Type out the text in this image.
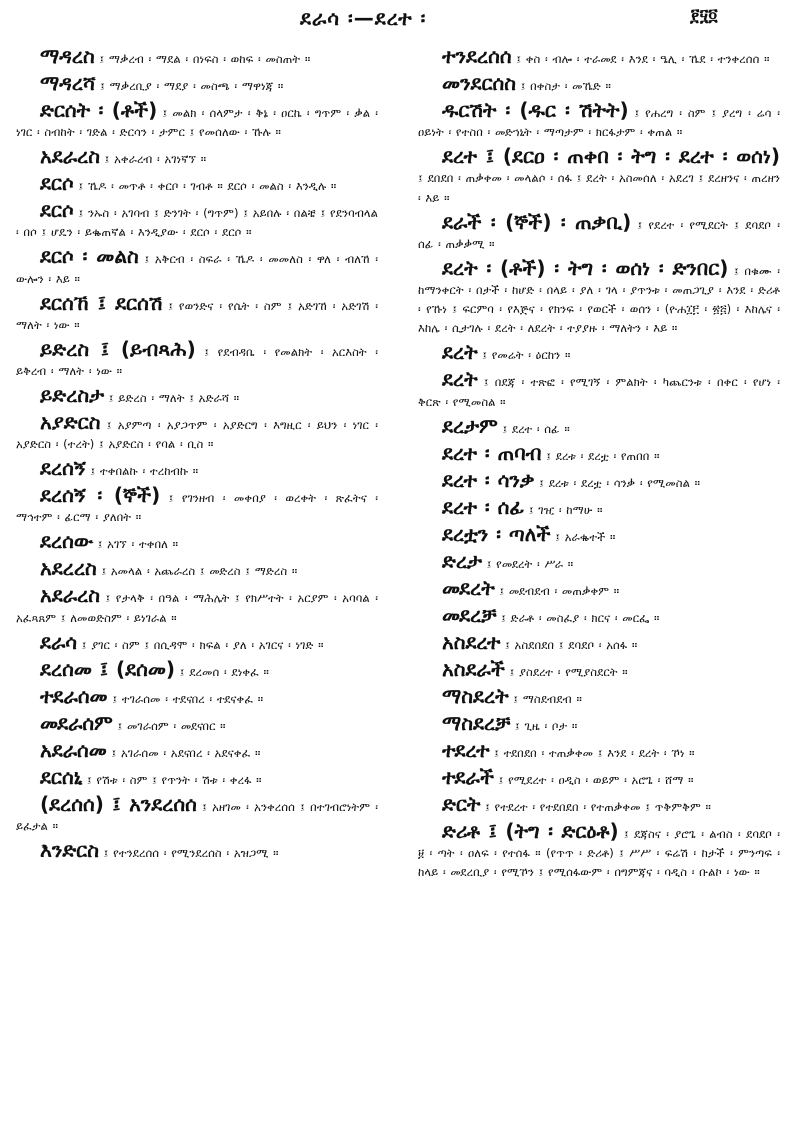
ደራሳ ፡—ደረተ ፡	፻፶፬

ማዳረስ ፤ ማቃረብ ፡ ማደል ፡ በነፍስ ፡ ወከፍ ፡ መስጠት ።

ማዳረሻ ፤ ማቃረቢያ ፡ ማደያ ፡ መስጫ ፡ ማዋነጃ ።

ድርሰት ፡ (ቶች) ፤ መልክ ፡ ሰላምታ ፡ ቅኔ ፡ ዐርኬ ፡ ግጥም ፡ ቃል ፡ ነገር ፡ ስብከት ፡ ገድል ፡ ድርሳን ፡ ታምር ፤ የመሰለው ፡ ኹሉ ።

አደራረስ ፤ አቀራረብ ፡ አገነኛኘ ።

ደርሶ ፤ ኼዶ ፡ መጥቶ ፡ ቀርቦ ፡ ገብቶ ። ደርሶ ፡ መልስ ፡ እንዲሉ ።

ደርሶ ፤ ንኡስ ፡ አገባብ ፤ ድንገት ፡ (ግጥም) ፤ አይበሉ ፡ በልቼ ፤ የደንባብላል ፡ በሶ ፤ ሆዴን ፡ ይቈጠኛል ፡ እንዲያው ፡ ደርሶ ፡ ደርሶ ።

ደርሶ ፡ መልስ ፤ አቅርብ ፡ ስፍራ ፡ ኼዶ ፡ መመለስ ፡ ዋለ ፡ ብለኸ ፡ ውሎን ፡ እይ ።

ደርሰኸ ፤ ደርሰሽ ፤ የወንድና ፡ የሴት ፡ ስም ፤ አድገኸ ፡ አድገሽ ፡ ማለት ፡ ነው ።

ይድረስ ፤ (ይብጻሕ) ፤ የደብዳቤ ፡ የመልክት ፡ አርእስት ፡ ይቅረብ ፡ ማለት ፡ ነው ።

ይድረስታ ፤ ይድረስ ፡ ማለት ፤ አድራሻ ።

አያድርስ ፤ አያምጣ ፡ አያጋጥም ፡ አያድርግ ፡ እግዚር ፡ ይህን ፡ ነገር ፡ አያድርስ ፡ (ተረት) ፤ አያድርስ ፡ የባል ፡ ቢስ ።

ደረሰኝ ፤ ተቀበልኩ ፡ ተረከብኩ ።

ደረሰኝ ፡ (ኞች) ፤ የገንዘብ ፡ መቀበያ ፡ ወረቀት ፡ ጽፈትና ፡ ማኅተም ፡ ፊርማ ፡ ያለበት ።

ደረሰው ፤ አገኘ ፡ ተቀበለ ።

አደረረስ ፤ አመላል ፡ አጨራረስ ፤ መድረስ ፤ ማድረስ ።

አደራረስ ፤ የታላቅ ፡ በዓል ፡ ማሕሌት ፤ የክሥተት ፡ አርያም ፡ አባባል ፡ አፈጻጸም ፤ ለመወድስም ፡ ይነገራል ።

ደራሳ ፤ ያገር ፡ ስም ፤ በሲዳሞ ፡ ክፍል ፡ ያለ ፡ አገርና ፡ ነገድ ።

ደረሰመ ፤ (ደሰመ) ፤ ደረመሰ ፡ ደነቀፈ ።

ተደራሰመ ፤ ተገራሰመ ፡ ተደናበረ ፡ ተደናቀፈ ።

መደራሰም ፤ መገራሰም ፡ መደናበር ።

አደራሰመ ፤ አገራሰመ ፡ አደናበረ ፡ አደናቀፈ ።

ደርሰኒ ፤ የሽቱ ፡ ስም ፤ የጥንት ፡ ሽቱ ፡ ቀረፋ ።

(ደረሰሰ) ፤ አንደረሰሰ ፤ አዘገመ ፡ አንቀረሰሰ ፤ በተገብሮነትም ፡ ይፈታል ።

እንድርስ ፤ የተንደረሰሰ ፡ የሚንደረሰስ ፡ አዝጋሚ ።

ተንደረሰሰ ፤ ቀስ ፡ ብሎ ፡ ተራመደ ፡ እንደ ፡ ዔሊ ፡ ኼደ ፡ ተንቀረሰሰ ።

መንደርሰስ ፤ በቀስታ ፡ መኼድ ።

ዱርሽት ፡ (ዱር ፡ ሽትት) ፤ የሐረግ ፡ ስም ፤ ያረግ ፡ ሬሳ ፡ ዐይነት ፡ የተስበ ፡ መድኀኒት ፡ ማጣታም ፡ ክርፋታም ፡ ቀጠል ።

ደረተ ፤ (ደርዐ ፡ ጠቀበ ፡ ትግ ፡ ደረተ ፡ ወሰነ) ፤ ደበደበ ፡ ጠቃቀመ ፡ መላልሶ ፡ ሰፋ ፤ ደረት ፡ አስመሰለ ፡ አደረገ ፤ ደረዘንና ፡ ጠረዘን ፡ እይ ።

ደራች ፡ (ኞች) ፡ ጠቃቢ) ፤ የደረተ ፡ የሚደርት ፤ ደባደቦ ፡ ሰፊ ፡ ጠቃቃሚ ።

ደረት ፡ (ቶች) ፡ ትግ ፡ ወሰነ ፡ ድንበር) ፤ በቁሙ ፡ ከማንቀርት ፡ በታች ፡ ከሆድ ፡ በላይ ፡ ያለ ፡ ገላ ፡ ያጥንቱ ፡ መጠጋጊያ ፡ እንደ ፡ ድሪቶ ፡ የኹነ ፤ ፍርምባ ፡ የእጅና ፡ የክንፍ ፡ የወርች ፡ ወሰን ፡ (ዮሐ፲፫ ፡ ፳፭) ፡ እከሌና ፡ እከሌ ፡ ሲታገሉ ፡ ደረት ፡ ለደረት ፡ ተያያዙ ፡ ማለትን ፡ እይ ።

ደረት ፤ የመሬት ፡ ዕርከን ።

ደረት ፤ በደጃ ፡ ተጽፎ ፡ የሚገኝ ፡ ምልክት ፡ ካጨርንቱ ፡ በቀር ፡ የሆነ ፡ ቅርጽ ፡ የሚመስል ።

ደረታም ፤ ደረተ ፡ ሰፊ ።

ደረተ ፡ ጠባብ ፤ ደረቱ ፡ ደረቷ ፡ የጠበበ ።

ደረተ ፡ ሳንቃ ፤ ደረቱ ፡ ደረቷ ፡ ሳንቃ ፡ የሚመስል ።

ደረተ ፡ ሰፊ ፤ ገዢ ፡ ከማሁ ።

ደረቷን ፡ ጣለች ፤ አራቈተች ።

ድረታ ፤ የመደረት ፡ ሥራ ።

መደረት ፤ መደብደብ ፡ መጠቃቀም ።

መደረቻ ፤ ድራቶ ፡ መስፈያ ፡ ክርና ፡ መርፌ ።

አስደረተ ፤ አስደበደበ ፤ ደባደቦ ፡ አሰፋ ።

አስደራች ፤ ያስደረተ ፡ የሚያስደርት ።

ማስደረት ፤ ማስደብደብ ።

ማስደረቻ ፤ ጊዜ ፡ ቦታ ።

ተደረተ ፤ ተደበደበ ፡ ተጠቃቀመ ፤ እንደ ፡ ደረት ፡ ኾነ ።

ተደራች ፤ የሚደረተ ፡ ዐዲስ ፡ ወይም ፡ አሮጌ ፡ ሸማ ።

ድርት ፤ የተደረተ ፡ የተደበደበ ፡ የተጠቃቀመ ፤ ጥቅምቅም ።

ድሪቶ ፤ (ትግ ፡ ድርዕቶ) ፤ ደጃስና ፡ ያሮጌ ፡ ልብስ ፡ ደባደቦ ፡ ፱ ፡ ጣት ፡ ዐለፍ ፡ የተሰፋ ። (የጥጥ ፡ ድሪቶ) ፤ ሥሥ ፡ ፍሬሽ ፡ ከታች ፡ ምንጣፍ ፡ ከላይ ፡ መደረቢያ ፡ የሚኾን ፤ የሚሰፋውም ፡ በግምጃና ፡ ባዲስ ፡ ቡልኮ ፡ ነው ።
